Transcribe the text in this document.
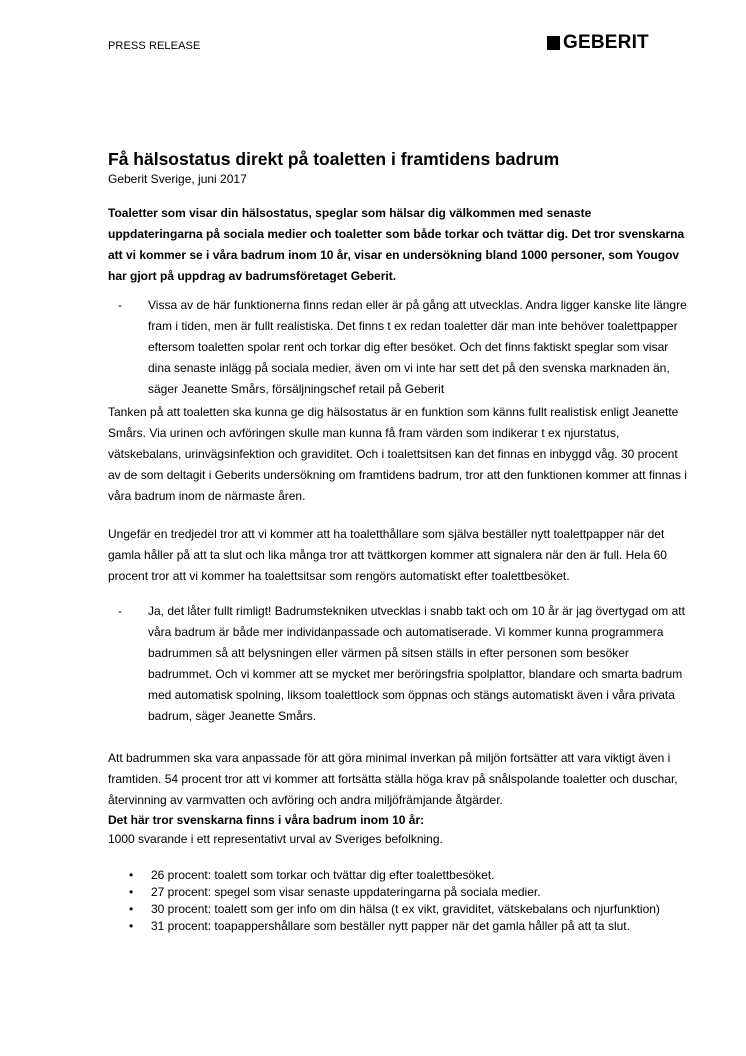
PRESS RELEASE	GEBERIT
Få hälsostatus direkt på toaletten i framtidens badrum

Geberit Sverige, juni 2017

Toaletter som visar din hälsostatus, speglar som hälsar dig välkommen med senaste uppdateringarna på sociala medier och toaletter som både torkar och tvättar dig. Det tror svenskarna att vi kommer se i våra badrum inom 10 år, visar en undersökning bland 1000 personer, som Yougov har gjort på uppdrag av badrumsföretaget Geberit.

- Vissa av de här funktionerna finns redan eller är på gång att utvecklas. Andra ligger kanske lite längre fram i tiden, men är fullt realistiska. Det finns t ex redan toaletter där man inte behöver toalettpapper eftersom toaletten spolar rent och torkar dig efter besöket. Och det finns faktiskt speglar som visar dina senaste inlägg på sociala medier, även om vi inte har sett det på den svenska marknaden än, säger Jeanette Smårs, försäljningschef retail på Geberit

Tanken på att toaletten ska kunna ge dig hälsostatus är en funktion som känns fullt realistisk enligt Jeanette Smårs. Via urinen och avföringen skulle man kunna få fram värden som indikerar t ex njurstatus, vätskebalans, urinvägsinfektion och graviditet. Och i toalettsitsen kan det finnas en inbyggd våg. 30 procent av de som deltagit i Geberits undersökning om framtidens badrum, tror att den funktionen kommer att finnas i våra badrum inom de närmaste åren.

Ungefär en tredjedel tror att vi kommer att ha toaletthållare som själva beställer nytt toalettpapper när det gamla håller på att ta slut och lika många tror att tvättkorgen kommer att signalera när den är full. Hela 60 procent tror att vi kommer ha toalettsitsar som rengörs automatiskt efter toalettbesöket.

- Ja, det låter fullt rimligt! Badrumstekniken utvecklas i snabb takt och om 10 år är jag övertygad om att våra badrum är både mer individanpassade och automatiserade. Vi kommer kunna programmera badrummen så att belysningen eller värmen på sitsen ställs in efter personen som besöker badrummet. Och vi kommer att se mycket mer beröringsfria spolplattor, blandare och smarta badrum med automatisk spolning, liksom toalettlock som öppnas och stängs automatiskt även i våra privata badrum, säger Jeanette Smårs.

Att badrummen ska vara anpassade för att göra minimal inverkan på miljön fortsätter att vara viktigt även i framtiden. 54 procent tror att vi kommer att fortsätta ställa höga krav på snålspolande toaletter och duschar, återvinning av varmvatten och avföring och andra miljöfrämjande åtgärder.

Det här tror svenskarna finns i våra badrum inom 10 år:

1000 svarande i ett representativt urval av Sveriges befolkning.

• 26 procent: toalett som torkar och tvättar dig efter toalettbesöket.
• 27 procent: spegel som visar senaste uppdateringarna på sociala medier.
• 30 procent: toalett som ger info om din hälsa (t ex vikt, graviditet, vätskebalans och njurfunktion)
• 31 procent: toapappershållare som beställer nytt papper när det gamla håller på att ta slut.
